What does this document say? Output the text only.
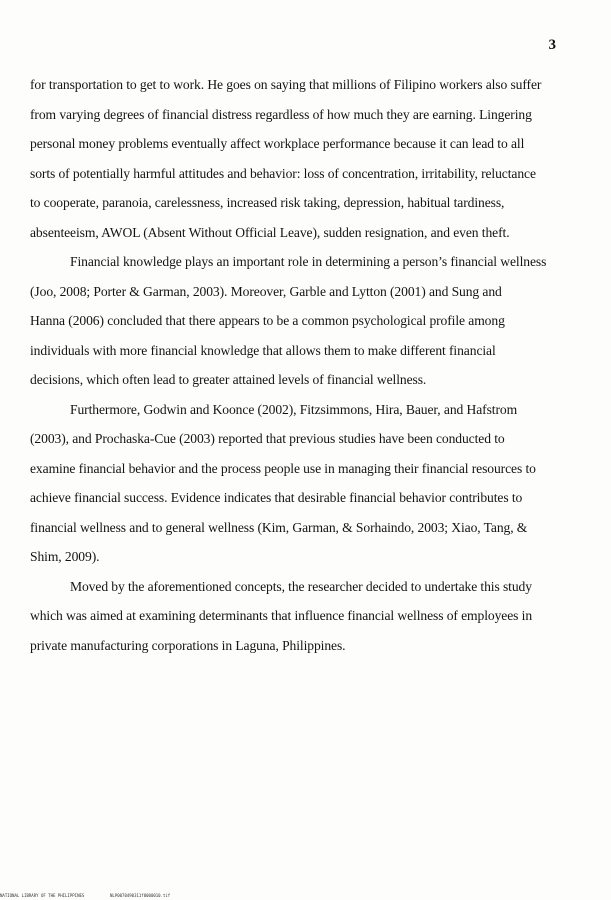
3
for transportation to get to work. He goes on saying that millions of Filipino workers also suffer
from varying degrees of financial distress regardless of how much they are earning. Lingering
personal money problems eventually affect workplace performance because it can lead to all
sorts of potentially harmful attitudes and behavior: loss of concentration, irritability, reluctance
to cooperate, paranoia, carelessness, increased risk taking, depression, habitual tardiness,
absenteeism, AWOL (Absent Without Official Leave), sudden resignation, and even theft.
Financial knowledge plays an important role in determining a person’s financial wellness
(Joo, 2008; Porter & Garman, 2003). Moreover, Garble and Lytton (2001) and Sung and
Hanna (2006) concluded that there appears to be a common psychological profile among
individuals with more financial knowledge that allows them to make different financial
decisions, which often lead to greater attained levels of financial wellness.
Furthermore, Godwin and Koonce (2002), Fitzsimmons, Hira, Bauer, and Hafstrom
(2003), and Prochaska-Cue (2003) reported that previous studies have been conducted to
examine financial behavior and the process people use in managing their financial resources to
achieve financial success. Evidence indicates that desirable financial behavior contributes to
financial wellness and to general wellness (Kim, Garman, & Sorhaindo, 2003; Xiao, Tang, &
Shim, 2009).
Moved by the aforementioned concepts, the researcher decided to undertake this study
which was aimed at examining determinants that influence financial wellness of employees in
private manufacturing corporations in Laguna, Philippines.
NATIONAL LIBRARY OF THE PHILIPPINES	NLP0070490311f0000010.tif
